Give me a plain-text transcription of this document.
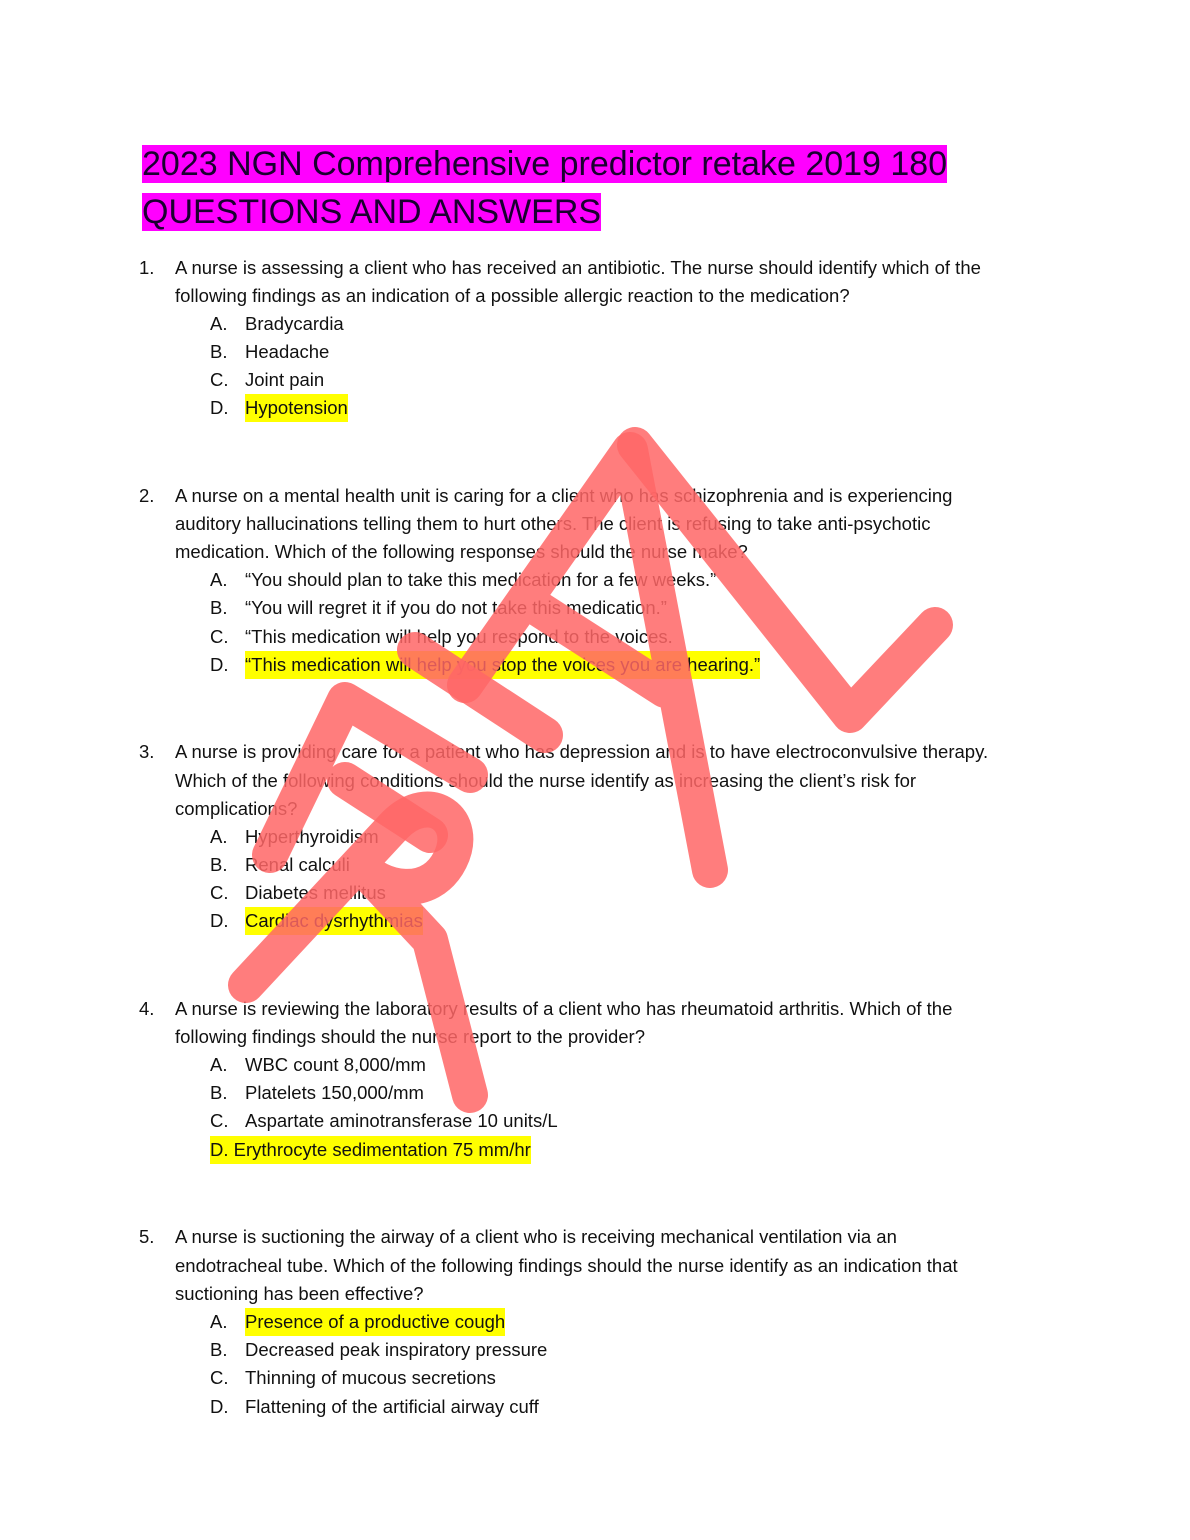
2023 NGN Comprehensive predictor retake 2019 180
QUESTIONS AND ANSWERS
1.	A nurse is assessing a client who has received an antibiotic. The nurse should identify which of the
following findings as an indication of a possible allergic reaction to the medication?
A. Bradycardia
B. Headache
C. Joint pain
D. Hypotension
2.	A nurse on a mental health unit is caring for a client who has schizophrenia and is experiencing
auditory hallucinations telling them to hurt others. The client is refusing to take anti-psychotic
medication. Which of the following responses should the nurse make?
A. “You should plan to take this medication for a few weeks.”
B. “You will regret it if you do not take this medication.”
C. “This medication will help you respond to the voices.
D. “This medication will help you stop the voices you are hearing.”
3.	A nurse is providing care for a patient who has depression and is to have electroconvulsive therapy.
Which of the following conditions should the nurse identify as increasing the client’s risk for
complications?
A. Hyperthyroidism
B. Renal calculi
C. Diabetes mellitus
D. Cardiac dysrhythmias
4.	A nurse is reviewing the laboratory results of a client who has rheumatoid arthritis. Which of the
following findings should the nurse report to the provider?
A. WBC count 8,000/mm
B. Platelets 150,000/mm
C. Aspartate aminotransferase 10 units/L
D. Erythrocyte sedimentation 75 mm/hr
5.	A nurse is suctioning the airway of a client who is receiving mechanical ventilation via an
endotracheal tube. Which of the following findings should the nurse identify as an indication that
suctioning has been effective?
A. Presence of a productive cough
B. Decreased peak inspiratory pressure
C. Thinning of mucous secretions
D. Flattening of the artificial airway cuff
